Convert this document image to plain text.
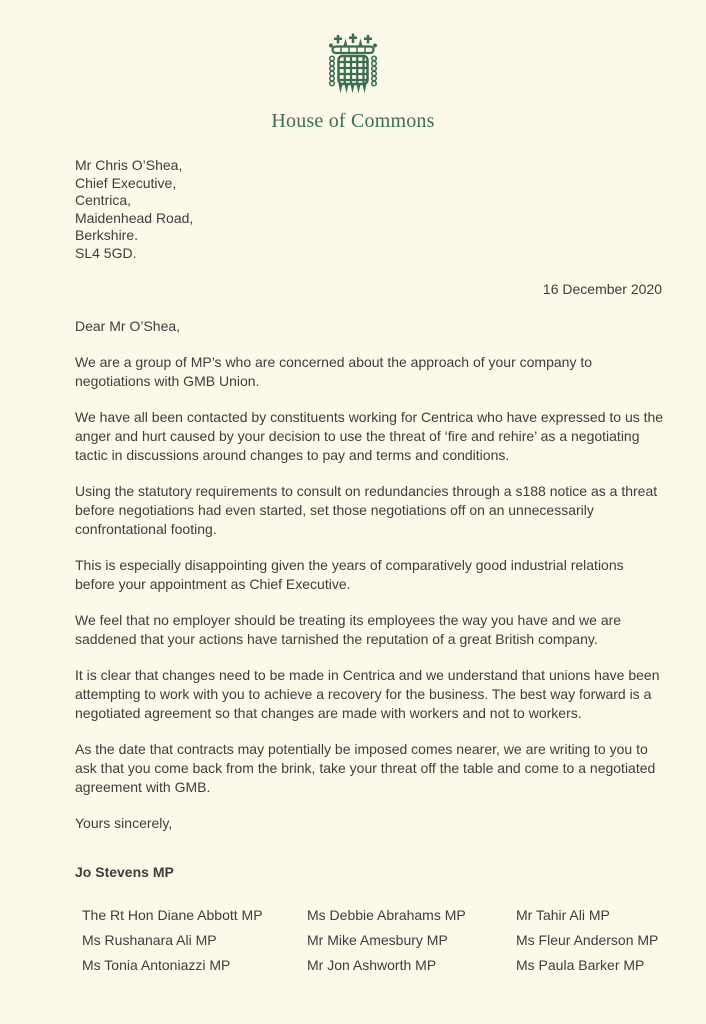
House of Commons
Mr Chris O’Shea,
Chief Executive,
Centrica,
Maidenhead Road,
Berkshire.
SL4 5GD.
16 December 2020

Dear Mr O’Shea,

We are a group of MP’s who are concerned about the approach of your company to negotiations with GMB Union.

We have all been contacted by constituents working for Centrica who have expressed to us the anger and hurt caused by your decision to use the threat of ‘fire and rehire’ as a negotiating tactic in discussions around changes to pay and terms and conditions.

Using the statutory requirements to consult on redundancies through a s188 notice as a threat before negotiations had even started, set those negotiations off on an unnecessarily confrontational footing.

This is especially disappointing given the years of comparatively good industrial relations before your appointment as Chief Executive.

We feel that no employer should be treating its employees the way you have and we are saddened that your actions have tarnished the reputation of a great British company.

It is clear that changes need to be made in Centrica and we understand that unions have been attempting to work with you to achieve a recovery for the business. The best way forward is a negotiated agreement so that changes are made with workers and not to workers.

As the date that contracts may potentially be imposed comes nearer, we are writing to you to ask that you come back from the brink, take your threat off the table and come to a negotiated agreement with GMB.

Yours sincerely,

Jo Stevens MP
The Rt Hon Diane Abbott MP
Ms Rushanara Ali MP
Ms Tonia Antoniazzi MP
Ms Debbie Abrahams MP
Mr Mike Amesbury MP
Mr Jon Ashworth MP
Mr Tahir Ali MP
Ms Fleur Anderson MP
Ms Paula Barker MP
